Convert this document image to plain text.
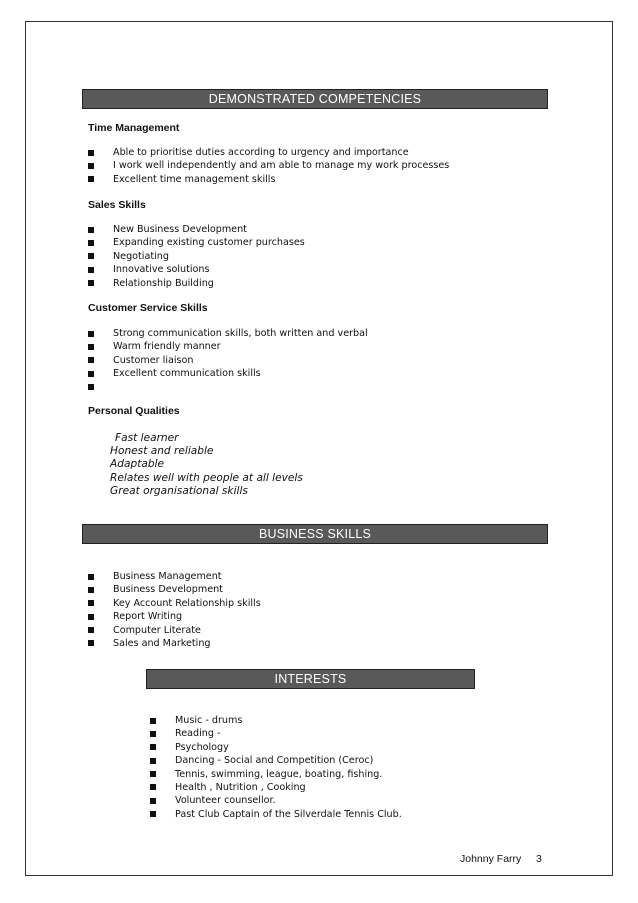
DEMONSTRATED COMPETENCIES
Time Management
Able to prioritise duties according to urgency and importance
I work well independently and am able to manage my work processes
Excellent time management skills
Sales Skills
New Business Development
Expanding existing customer purchases
Negotiating
Innovative solutions
Relationship Building
Customer Service Skills
Strong communication skills, both written and verbal
Warm friendly manner
Customer liaison
Excellent communication skills
Personal Qualities
Fast learner
Honest and reliable
Adaptable
Relates well with people at all levels
Great organisational skills
BUSINESS SKILLS
Business Management
Business Development
Key Account Relationship skills
Report Writing
Computer Literate
Sales and Marketing
INTERESTS
Music - drums
Reading -
Psychology
Dancing - Social and Competition (Ceroc)
Tennis, swimming, league, boating, fishing.
Health , Nutrition , Cooking
Volunteer counsellor.
Past Club Captain of the Silverdale Tennis Club.
Johnny Farry 3
